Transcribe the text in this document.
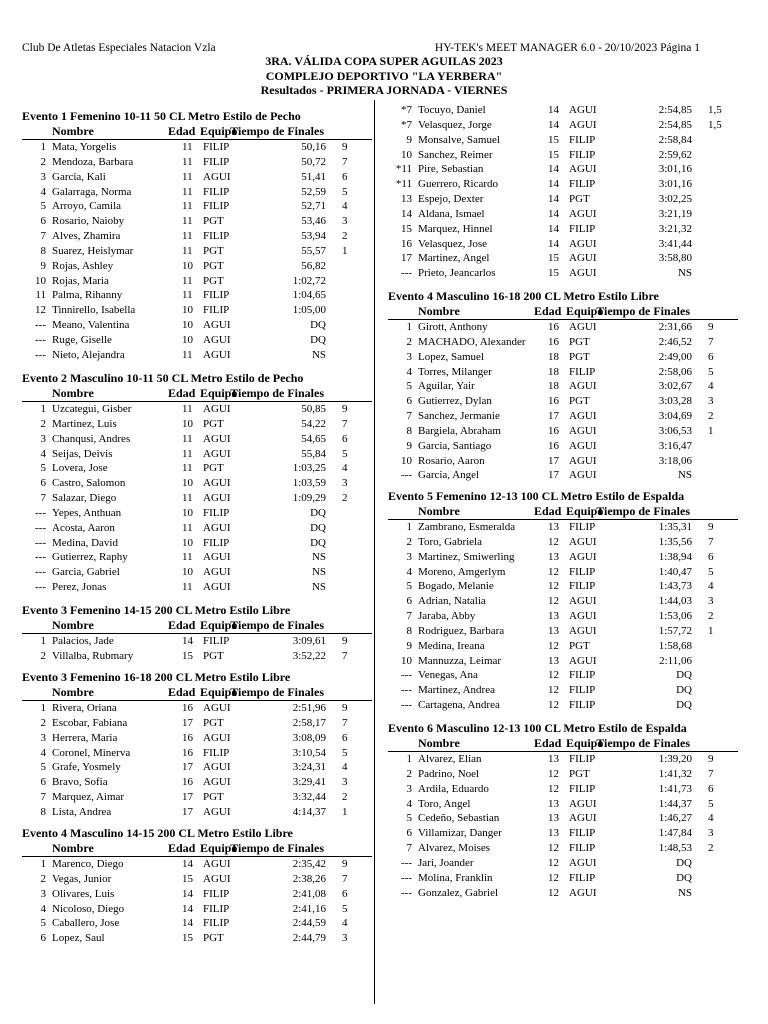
Club De Atletas Especiales Natacion Vzla	HY-TEK's MEET MANAGER 6.0 - 20/10/2023 Página 1
3RA. VÁLIDA COPA SUPER AGUILAS 2023
COMPLEJO DEPORTIVO "LA YERBERA"
Resultados - PRIMERA JORNADA - VIERNES
Evento 1 Femenino 10-11 50 CL Metro Estilo de Pecho
Nombre	Edad Equipo
Tiempo de Finales
1 Mata, Yorgelis	11 FILIP	50,16 9
2 Mendoza, Barbara	11 FILIP	50,72 7
3 Garcia, Kali	11 AGUI	51,41 6
4 Galarraga, Norma	11 FILIP	52,59 5
5 Arroyo, Camila	11 FILIP	52,71 4
6 Rosario, Naioby	11 PGT	53,46 3
7 Alves, Zhamira	11 FILIP	53,94 2
8 Suarez, Heislymar	11 PGT	55,57 1
9 Rojas, Ashley	10 PGT	56,82
10 Rojas, Maria	11 PGT	1:02,72
11 Palma, Rihanny	11 FILIP	1:04,65
12 Tinnirello, Isabella	10 FILIP	1:05,00
--- Meano, Valentina	10 AGUI	DQ
--- Ruge, Giselle	10 AGUI	DQ
--- Nieto, Alejandra	11 AGUI	NS
Evento 2 Masculino 10-11 50 CL Metro Estilo de Pecho
Nombre	Edad Equipo
Tiempo de Finales
1 Uzcategui, Gisber	11 AGUI	50,85 9
2 Martinez, Luis	10 PGT	54,22 7
3 Chanqusi, Andres	11 AGUI	54,65 6
4 Seijas, Deivis	11 AGUI	55,84 5
5 Lovera, Jose	11 PGT	1:03,25 4
6 Castro, Salomon	10 AGUI	1:03,59 3
7 Salazar, Diego	11 AGUI	1:09,29 2
--- Yepes, Anthuan	10 FILIP	DQ
--- Acosta, Aaron	11 AGUI	DQ
--- Medina, David	10 FILIP	DQ
--- Gutierrez, Raphy	11 AGUI	NS
--- Garcia, Gabriel	10 AGUI	NS
--- Perez, Jonas	11 AGUI	NS
Evento 3 Femenino 14-15 200 CL Metro Estilo Libre
Nombre	Edad Equipo
Tiempo de Finales
1 Palacios, Jade	14 FILIP	3:09,61 9
2 Villalba, Rubmary	15 PGT	3:52,22 7
Evento 3 Femenino 16-18 200 CL Metro Estilo Libre
Nombre	Edad Equipo
Tiempo de Finales
1 Rivera, Oriana	16 AGUI	2:51,96 9
2 Escobar, Fabiana	17 PGT	2:58,17 7
3 Herrera, Maria	16 AGUI	3:08,09 6
4 Coronel, Minerva	16 FILIP	3:10,54 5
5 Grafe, Yosmely	17 AGUI	3:24,31 4
6 Bravo, Sofia	16 AGUI	3:29,41 3
7 Marquez, Aimar	17 PGT	3:32,44 2
8 Lista, Andrea	17 AGUI	4:14,37 1
Evento 4 Masculino 14-15 200 CL Metro Estilo Libre
Nombre	Edad Equipo
Tiempo de Finales
1 Marenco, Diego	14 AGUI	2:35,42 9
2 Vegas, Junior	15 AGUI	2:38,26 7
3 Olivares, Luis	14 FILIP	2:41,08 6
4 Nicoloso, Diego	14 FILIP	2:41,16 5
5 Caballero, Jose	14 FILIP	2:44,59 4
6 Lopez, Saul	15 PGT	2:44,79 3
*7 Tocuyo, Daniel	14 AGUI	2:54,85 1,5
*7 Velasquez, Jorge	14 AGUI	2:54,85 1,5
9 Monsalve, Samuel	15 FILIP	2:58,84
10 Sanchez, Reimer	15 FILIP	2:59,62
*11 Pire, Sebastian	14 AGUI	3:01,16
*11 Guerrero, Ricardo	14 FILIP	3:01,16
13 Espejo, Dexter	14 PGT	3:02,25
14 Aldana, Ismael	14 AGUI	3:21,19
15 Marquez, Hinnel	14 FILIP	3:21,32
16 Velasquez, Jose	14 AGUI	3:41,44
17 Martinez, Angel	15 AGUI	3:58,80
--- Prieto, Jeancarlos	15 AGUI	NS
Evento 4 Masculino 16-18 200 CL Metro Estilo Libre
Nombre	Edad Equipo
Tiempo de Finales
1 Girott, Anthony	16 AGUI	2:31,66 9
2 MACHADO, Alexander 16 PGT	2:46,52 7
3 Lopez, Samuel	18 PGT	2:49,00 6
4 Torres, Milanger	18 FILIP	2:58,06 5
5 Aguilar, Yair	18 AGUI	3:02,67 4
6 Gutierrez, Dylan	16 PGT	3:03,28 3
7 Sanchez, Jermanie	17 AGUI	3:04,69 2
8 Bargiela, Abraham	16 AGUI	3:06,53 1
9 Garcia, Santiago	16 AGUI	3:16,47
10 Rosario, Aaron	17 AGUI	3:18,06
--- Garcia, Angel	17 AGUI	NS
Evento 5 Femenino 12-13 100 CL Metro Estilo de Espalda
Nombre	Edad Equipo
Tiempo de Finales
1 Zambrano, Esmeralda	13 FILIP	1:35,31 9
2 Toro, Gabriela	12 AGUI	1:35,56 7
3 Martinez, Smiwerling	13 AGUI	1:38,94 6
4 Moreno, Amgerlym	12 FILIP	1:40,47 5
5 Bogado, Melanie	12 FILIP	1:43,73 4
6 Adrian, Natalia	12 AGUI	1:44,03 3
7 Jaraba, Abby	13 AGUI	1:53,06 2
8 Rodriguez, Barbara	13 AGUI	1:57,72 1
9 Medina, Ireana	12 PGT	1:58,68
10 Mannuzza, Leimar	13 AGUI	2:11,06
--- Venegas, Ana	12 FILIP	DQ
--- Martinez, Andrea	12 FILIP	DQ
--- Cartagena, Andrea	12 FILIP	DQ
Evento 6 Masculino 12-13 100 CL Metro Estilo de Espalda
Nombre	Edad Equipo
Tiempo de Finales
1 Alvarez, Elian	13 FILIP	1:39,20 9
2 Padrino, Noel	12 PGT	1:41,32 7
3 Ardila, Eduardo	12 FILIP	1:41,73 6
4 Toro, Angel	13 AGUI	1:44,37 5
5 Cedeño, Sebastian	13 AGUI	1:46,27 4
6 Villamizar, Danger	13 FILIP	1:47,84 3
7 Alvarez, Moises	12 FILIP	1:48,53 2
--- Jari, Joander	12 AGUI	DQ
--- Molina, Franklin	12 FILIP	DQ
--- Gonzalez, Gabriel	12 AGUI	NS
